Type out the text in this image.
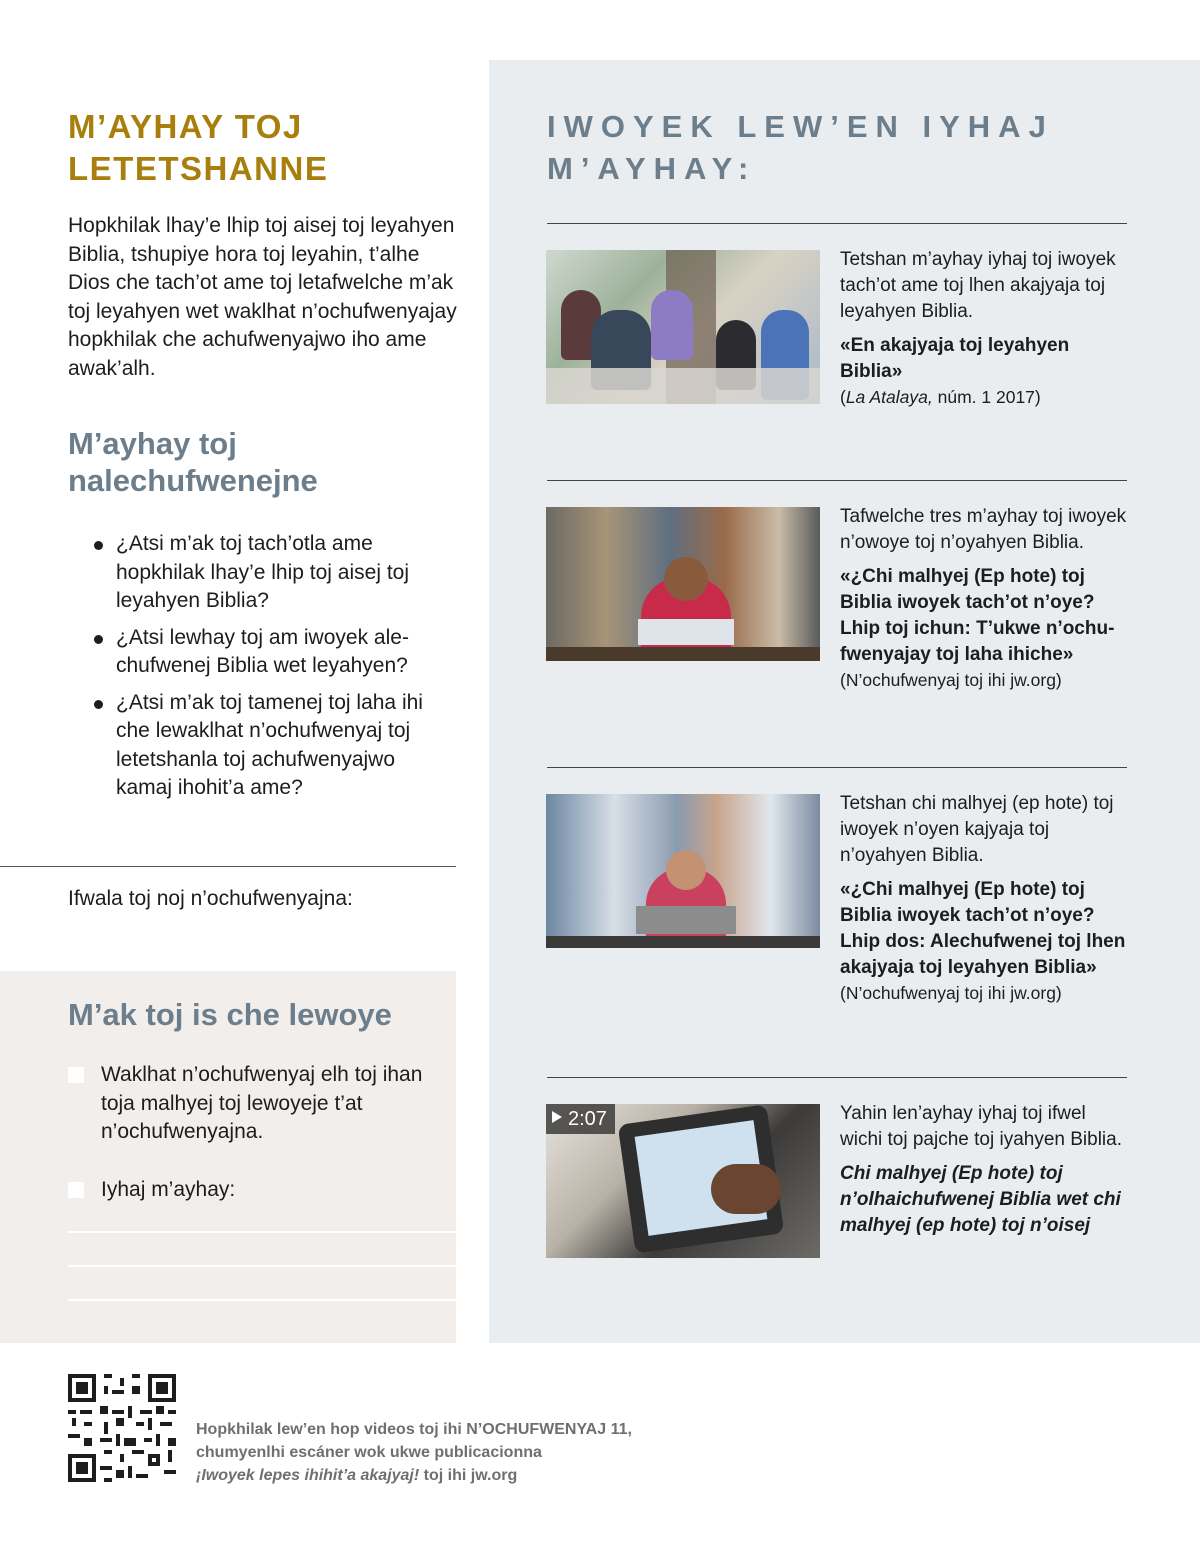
M’AYHAY TOJ LETETSHANNE

Hopkhilak lhay’e lhip toj aisej toj leyahyen Biblia, tshupiye hora toj leyahin, t’alhe Dios che tach’ot ame toj letafwelche m’ak toj leyahyen wet waklhat n’ochufwenyajay hopkhilak che achufwenyajwo iho ame awak’alh.

M’ayhay toj nalechufwenejne
¿Atsi m’ak toj tach’otla ame hopkhilak lhay’e lhip toj aisej toj leyahyen Biblia?
¿Atsi lewhay toj am iwoyek alechufwenej Biblia wet leyahyen?
¿Atsi m’ak toj tamenej toj laha ihi che lewaklhat n’ochufwenyaj toj letetshanla toj achufwenyajwo kamaj ihohit’a ame?
Ifwala toj noj n’ochufwenyajna:
M’ak toj is che lewoye
Waklhat n’ochufwenyaj elh toj ihan toja malhyej toj lewoyeje t’at n’ochufwenyajna.
Iyhaj m’ayhay:
IWOYEK LEW’EN IYHAJ M’AYHAY:
Tetshan m’ayhay iyhaj toj iwoyek tach’ot ame toj lhen akajyaja toj leyahyen Biblia.
«En akajyaja toj leyahyen Biblia»
(La Atalaya, núm. 1 2017)
Tafwelche tres m’ayhay toj iwoyek n’owoye toj n’oyahyen Biblia.
«¿Chi malhyej (Ep hote) toj Biblia iwoyek tach’ot n’oye? Lhip toj ichun: T’ukwe n’ochufwenyajay toj laha ihiche»
(N’ochufwenyaj toj ihi jw.org)
Tetshan chi malhyej (ep hote) toj iwoyek n’oyen kajyaja toj n’oyahyen Biblia.
«¿Chi malhyej (Ep hote) toj Biblia iwoyek tach’ot n’oye? Lhip dos: Alechufwenej toj lhen akajyaja toj leyahyen Biblia»
(N’ochufwenyaj toj ihi jw.org)
2:07	Yahin len’ayhay iyhaj toj ifwel wichi toj pajche toj iyahyen Biblia.
Chi malhyej (Ep hote) toj n’olhaichufwenej Biblia wet chi malhyej (ep hote) toj n’oisej
Hopkhilak lew’en hop videos toj ihi N’OCHUFWENYAJ 11,
chumyenlhi escáner wok ukwe publicacionna
¡Iwoyek lepes ihihit’a akajyaj! toj ihi jw.org
